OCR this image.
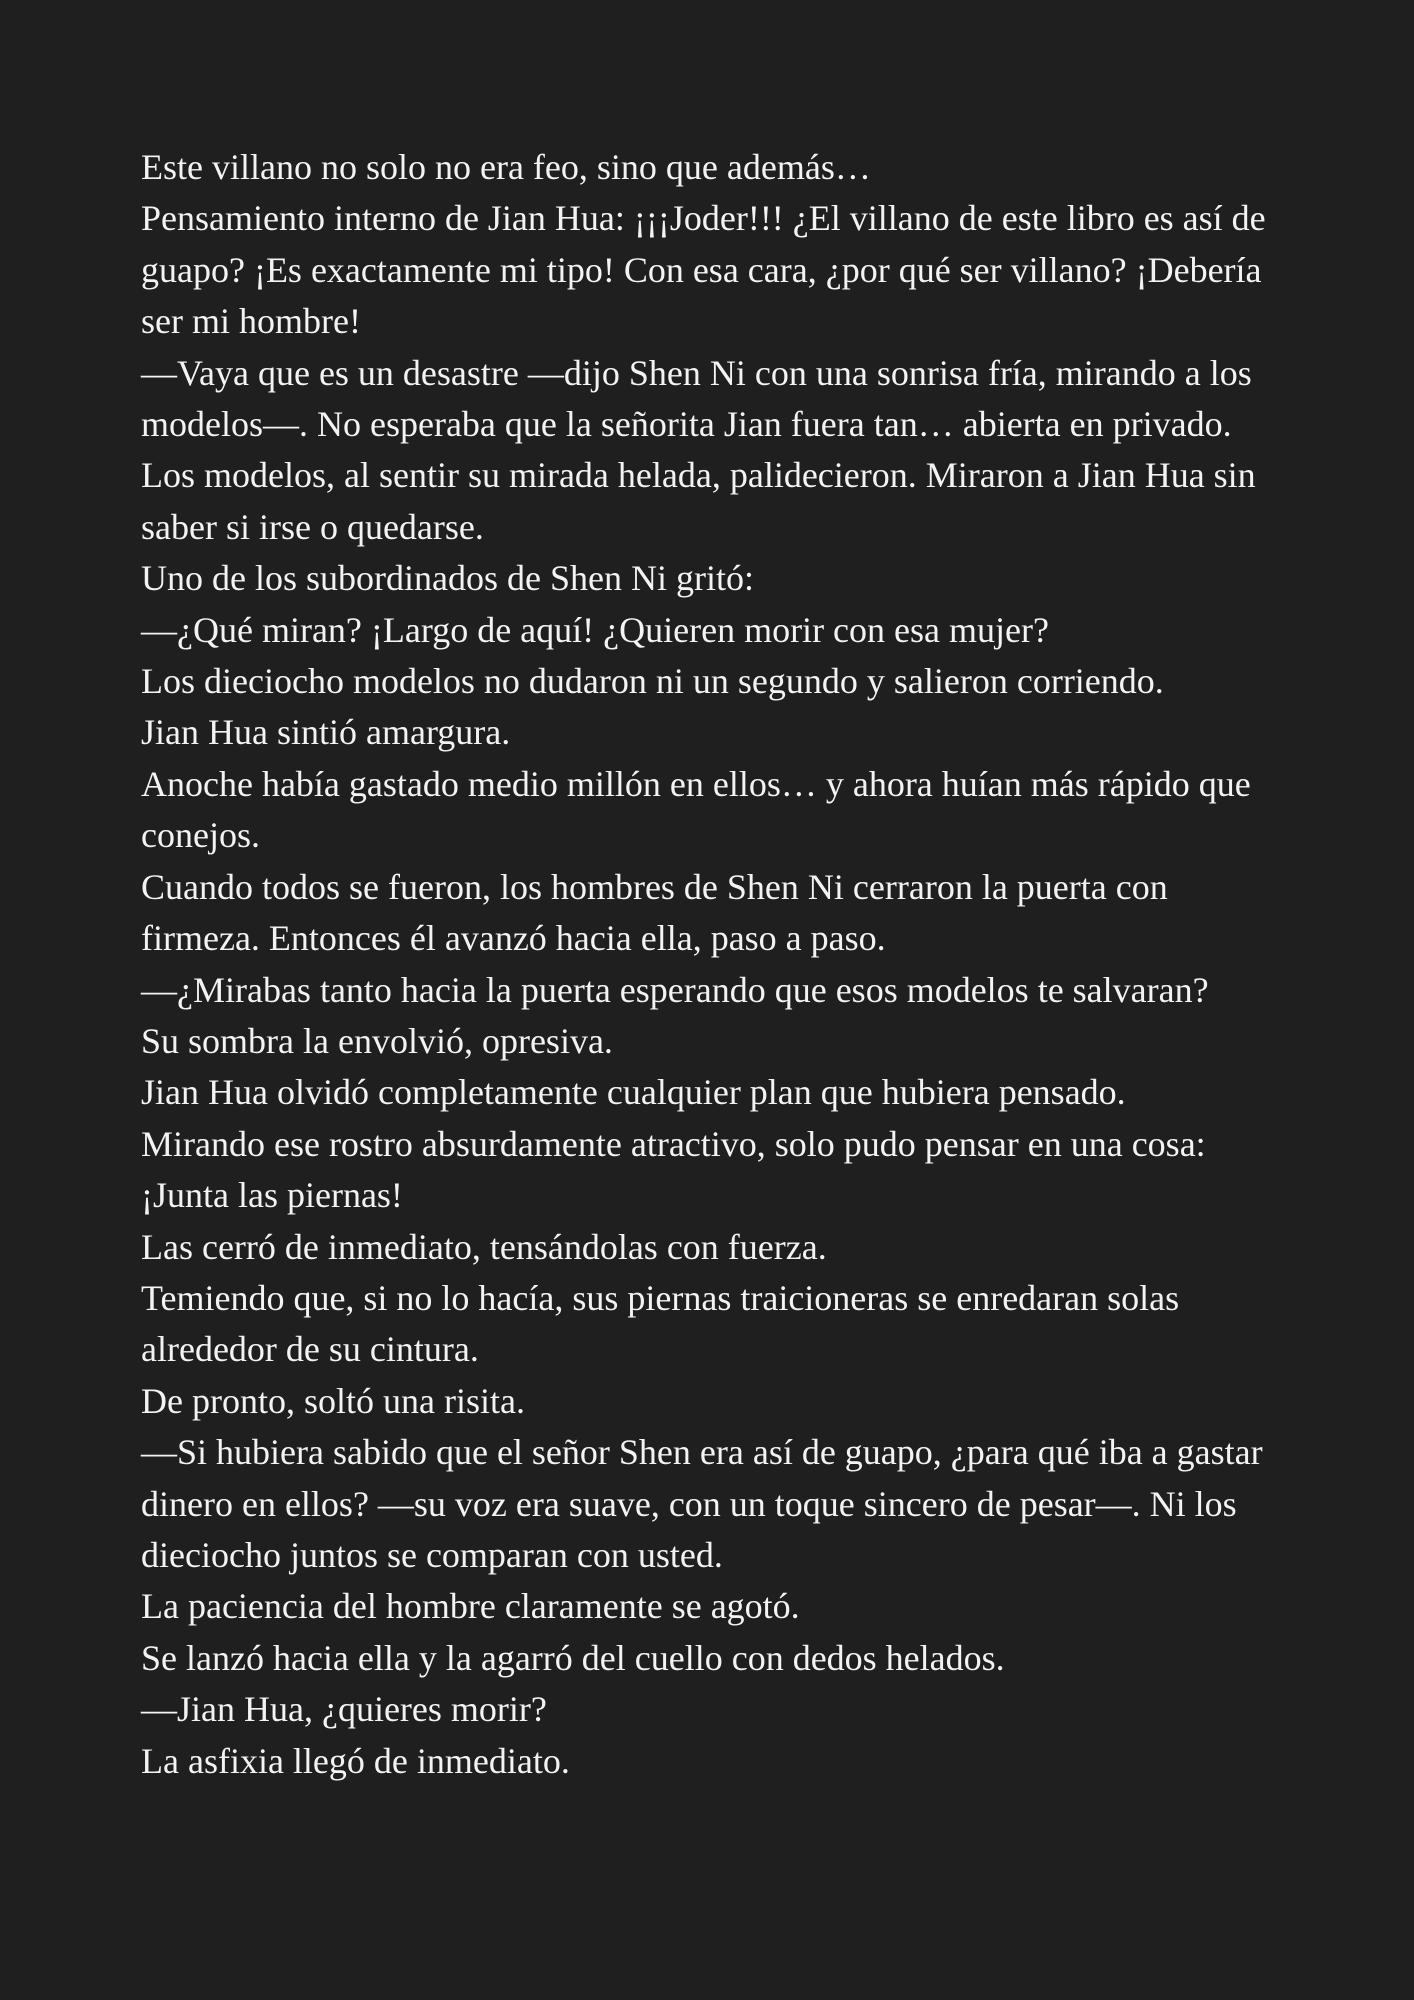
Este villano no solo no era feo, sino que además…

Pensamiento interno de Jian Hua: ¡¡¡Joder!!! ¿El villano de este libro es así de guapo? ¡Es exactamente mi tipo! Con esa cara, ¿por qué ser villano? ¡Debería ser mi hombre!

—Vaya que es un desastre —dijo Shen Ni con una sonrisa fría, mirando a los modelos—. No esperaba que la señorita Jian fuera tan… abierta en privado.

Los modelos, al sentir su mirada helada, palidecieron. Miraron a Jian Hua sin saber si irse o quedarse.

Uno de los subordinados de Shen Ni gritó:

—¿Qué miran? ¡Largo de aquí! ¿Quieren morir con esa mujer?

Los dieciocho modelos no dudaron ni un segundo y salieron corriendo.

Jian Hua sintió amargura.

Anoche había gastado medio millón en ellos… y ahora huían más rápido que conejos.

Cuando todos se fueron, los hombres de Shen Ni cerraron la puerta con firmeza. Entonces él avanzó hacia ella, paso a paso.

—¿Mirabas tanto hacia la puerta esperando que esos modelos te salvaran?

Su sombra la envolvió, opresiva.

Jian Hua olvidó completamente cualquier plan que hubiera pensado.

Mirando ese rostro absurdamente atractivo, solo pudo pensar en una cosa:

¡Junta las piernas!

Las cerró de inmediato, tensándolas con fuerza.

Temiendo que, si no lo hacía, sus piernas traicioneras se enredaran solas alrededor de su cintura.

De pronto, soltó una risita.

—Si hubiera sabido que el señor Shen era así de guapo, ¿para qué iba a gastar dinero en ellos? —su voz era suave, con un toque sincero de pesar—. Ni los dieciocho juntos se comparan con usted.

La paciencia del hombre claramente se agotó.

Se lanzó hacia ella y la agarró del cuello con dedos helados.

—Jian Hua, ¿quieres morir?

La asfixia llegó de inmediato.
